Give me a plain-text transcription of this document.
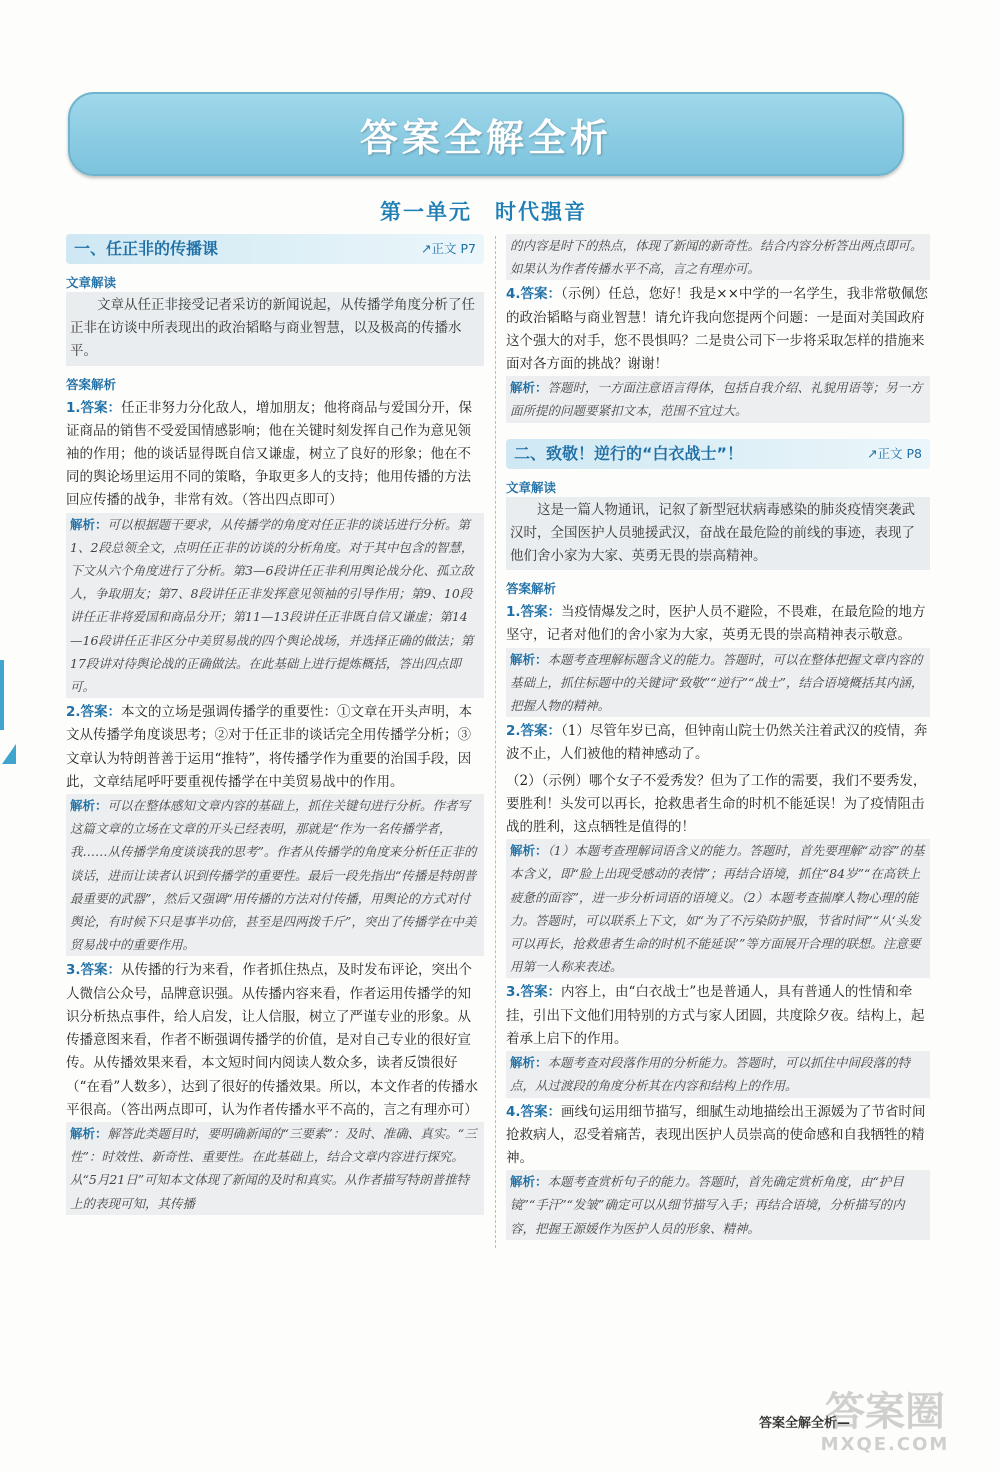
答案全解全析
第一单元　时代强音
一、任正非的传播课	↗正文 P7
文章解读
文章从任正非接受记者采访的新闻说起，从传播学角度分析了任正非在访谈中所表现出的政治韬略与商业智慧，以及极高的传播水平。
答案解析
1.答案：任正非努力分化敌人，增加朋友；他将商品与爱国分开，保证商品的销售不受爱国情感影响；他在关键时刻发挥自己作为意见领袖的作用；他的谈话显得既自信又谦虚，树立了良好的形象；他在不同的舆论场里运用不同的策略，争取更多人的支持；他用传播的方法回应传播的战争，非常有效。（答出四点即可）
解析：可以根据题干要求，从传播学的角度对任正非的谈话进行分析。第1、2段总领全文，点明任正非的访谈的分析角度。对于其中包含的智慧，下文从六个角度进行了分析。第3—6段讲任正非利用舆论战分化、孤立敌人，争取朋友；第7、8段讲任正非发挥意见领袖的引导作用；第9、10段讲任正非将爱国和商品分开；第11—13段讲任正非既自信又谦虚；第14—16段讲任正非区分中美贸易战的四个舆论战场，并选择正确的做法；第17段讲对待舆论战的正确做法。在此基础上进行提炼概括，答出四点即可。
2.答案：本文的立场是强调传播学的重要性：①文章在开头声明，本文从传播学角度谈思考；②对于任正非的谈话完全用传播学分析；③文章认为特朗普善于运用“推特”，将传播学作为重要的治国手段，因此，文章结尾呼吁要重视传播学在中美贸易战中的作用。
解析：可以在整体感知文章内容的基础上，抓住关键句进行分析。作者写这篇文章的立场在文章的开头已经表明，那就是“作为一名传播学者，我……从传播学角度谈谈我的思考”。作者从传播学的角度来分析任正非的谈话，进而让读者认识到传播学的重要性。最后一段先指出“传播是特朗普最重要的武器”，然后又强调“用传播的方法对付传播，用舆论的方式对付舆论，有时候下只是事半功倍，甚至是四两拨千斤”，突出了传播学在中美贸易战中的重要作用。
3.答案：从传播的行为来看，作者抓住热点，及时发布评论，突出个人微信公众号，品牌意识强。从传播内容来看，作者运用传播学的知识分析热点事件，给人启发，让人信服，树立了严谨专业的形象。从传播意图来看，作者不断强调传播学的价值，是对自己专业的很好宣传。从传播效果来看，本文短时间内阅读人数众多，读者反馈很好（“在看”人数多），达到了很好的传播效果。所以，本文作者的传播水平很高。（答出两点即可，认为作者传播水平不高的，言之有理亦可）
解析：解答此类题目时，要明确新闻的“三要素”：及时、准确、真实。“三性”：时效性、新奇性、重要性。在此基础上，结合文章内容进行探究。从“5月21日”可知本文体现了新闻的及时和真实。从作者描写特朗普推特上的表现可知，其传播
的内容是时下的热点，体现了新闻的新奇性。结合内容分析答出两点即可。如果认为作者传播水平不高，言之有理亦可。
4.答案：（示例）任总，您好！我是××中学的一名学生，我非常敬佩您的政治韬略与商业智慧！请允许我向您提两个问题：一是面对美国政府这个强大的对手，您不畏惧吗？二是贵公司下一步将采取怎样的措施来面对各方面的挑战？谢谢！
解析：答题时，一方面注意语言得体，包括自我介绍、礼貌用语等；另一方面所提的问题要紧扣文本，范围不宜过大。
二、致敬！逆行的“白衣战士”！	↗正文 P8
文章解读
这是一篇人物通讯，记叙了新型冠状病毒感染的肺炎疫情突袭武汉时，全国医护人员驰援武汉，奋战在最危险的前线的事迹，表现了他们舍小家为大家、英勇无畏的崇高精神。
答案解析
1.答案：当疫情爆发之时，医护人员不避险，不畏难，在最危险的地方坚守，记者对他们的舍小家为大家，英勇无畏的崇高精神表示敬意。
解析：本题考查理解标题含义的能力。答题时，可以在整体把握文章内容的基础上，抓住标题中的关键词“致敬”“逆行”“战士”，结合语境概括其内涵，把握人物的精神。
2.答案：（1）尽管年岁已高，但钟南山院士仍然关注着武汉的疫情，奔波不止，人们被他的精神感动了。
（2）（示例）哪个女子不爱秀发？但为了工作的需要，我们不要秀发，要胜利！头发可以再长，抢救患者生命的时机不能延误！为了疫情阻击战的胜利，这点牺牲是值得的！
解析：（1）本题考查理解词语含义的能力。答题时，首先要理解“动容”的基本含义，即“脸上出现受感动的表情”；再结合语境，抓住“84岁”“在高铁上疲惫的面容”，进一步分析词语的语境义。（2）本题考查揣摩人物心理的能力。答题时，可以联系上下文，如“为了不污染防护服，节省时间”“从‘头发可以再长，抢救患者生命的时机不能延误’”等方面展开合理的联想。注意要用第一人称来表述。
3.答案：内容上，由“白衣战士”也是普通人，具有普通人的性情和牵挂，引出下文他们用特别的方式与家人团圆，共度除夕夜。结构上，起着承上启下的作用。
解析：本题考查对段落作用的分析能力。答题时，可以抓住中间段落的特点，从过渡段的角度分析其在内容和结构上的作用。
4.答案：画线句运用细节描写，细腻生动地描绘出王源媛为了节省时间抢救病人，忍受着痛苦，表现出医护人员崇高的使命感和自我牺牲的精神。
解析：本题考查赏析句子的能力。答题时，首先确定赏析角度，由“护目镜”“手汗”“发皱”确定可以从细节描写入手；再结合语境，分析描写的内容，把握王源媛作为医护人员的形象、精神。
答案全解全析—
答案圈
MXQE.COM
